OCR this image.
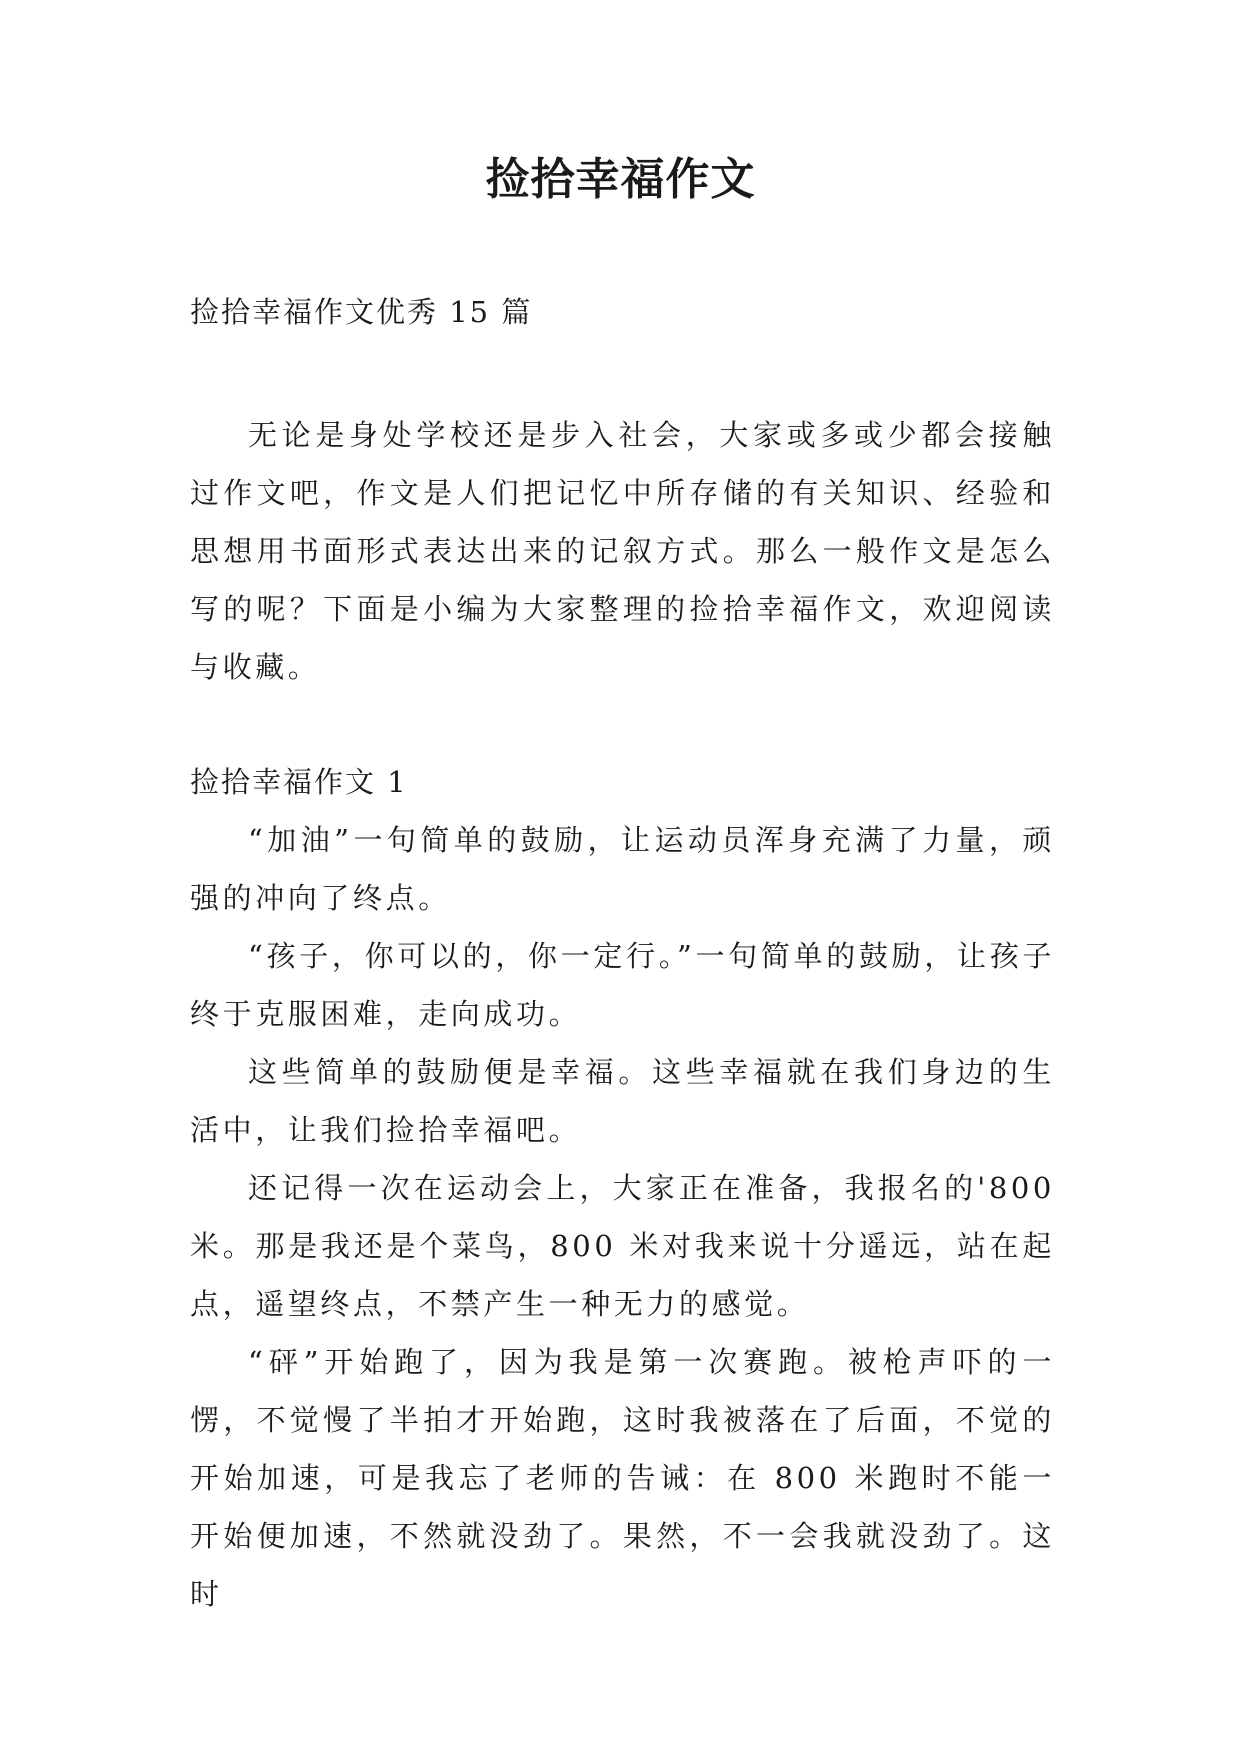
捡拾幸福作文

捡拾幸福作文优秀 15 篇

无论是身处学校还是步入社会，大家或多或少都会接触过作文吧，作文是人们把记忆中所存储的有关知识、经验和思想用书面形式表达出来的记叙方式。那么一般作文是怎么写的呢？下面是小编为大家整理的捡拾幸福作文，欢迎阅读与收藏。

捡拾幸福作文 1

“加油”一句简单的鼓励，让运动员浑身充满了力量，顽强的冲向了终点。

“孩子，你可以的，你一定行。”一句简单的鼓励，让孩子终于克服困难，走向成功。

这些简单的鼓励便是幸福。这些幸福就在我们身边的生活中，让我们捡拾幸福吧。

还记得一次在运动会上，大家正在准备，我报名的'800米。那是我还是个菜鸟，800 米对我来说十分遥远，站在起点，遥望终点，不禁产生一种无力的感觉。

“砰”开始跑了，因为我是第一次赛跑。被枪声吓的一愣，不觉慢了半拍才开始跑，这时我被落在了后面，不觉的开始加速，可是我忘了老师的告诫：在 800 米跑时不能一开始便加速，不然就没劲了。果然，不一会我就没劲了。这时
